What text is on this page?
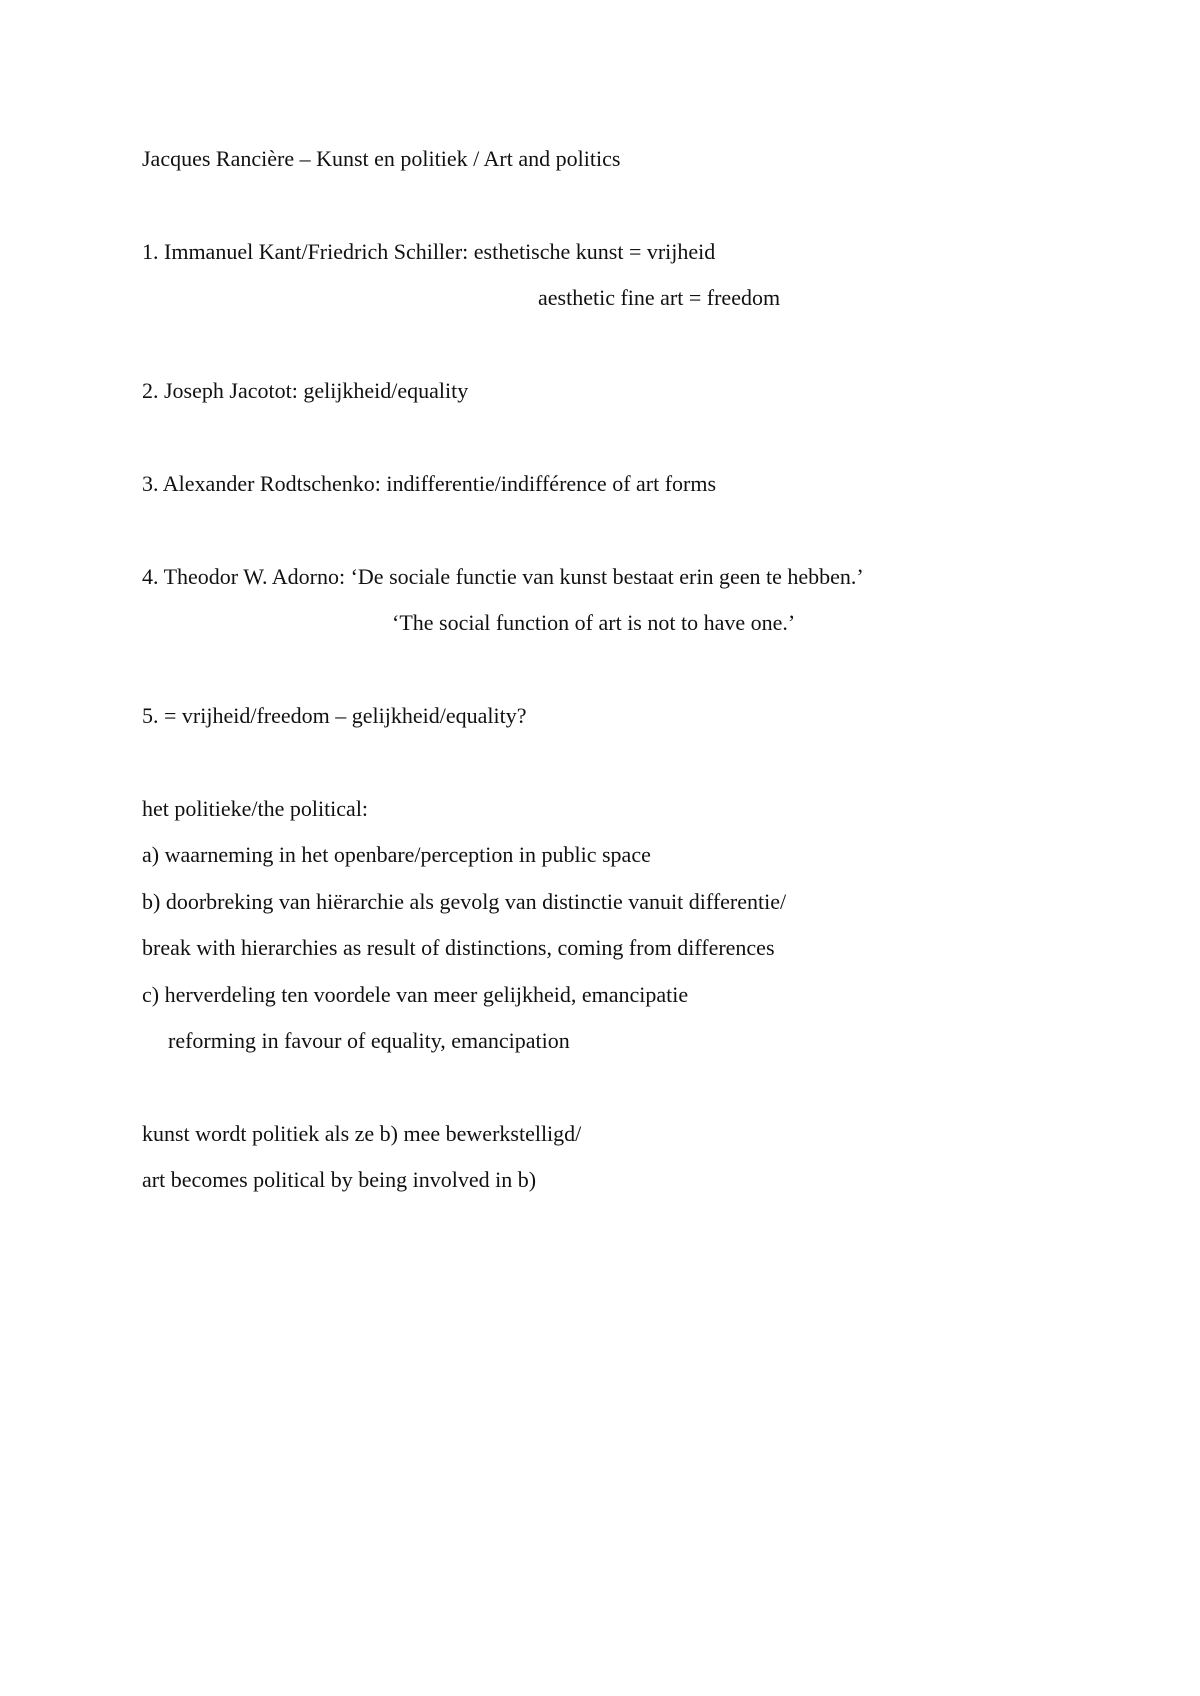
Jacques Rancière – Kunst en politiek / Art and politics
1. Immanuel Kant/Friedrich Schiller: esthetische kunst = vrijheid
aesthetic fine art = freedom
2. Joseph Jacotot: gelijkheid/equality
3. Alexander Rodtschenko: indifferentie/indifférence of art forms
4. Theodor W. Adorno: ‘De sociale functie van kunst bestaat erin geen te hebben.’
‘The social function of art is not to have one.’
5. = vrijheid/freedom – gelijkheid/equality?
het politieke/the political:
a) waarneming in het openbare/perception in public space
b) doorbreking van hiërarchie als gevolg van distinctie vanuit differentie/
break with hierarchies as result of distinctions, coming from differences
c) herverdeling ten voordele van meer gelijkheid, emancipatie
reforming in favour of equality, emancipation
kunst wordt politiek als ze b) mee bewerkstelligd/
art becomes political by being involved in b)
